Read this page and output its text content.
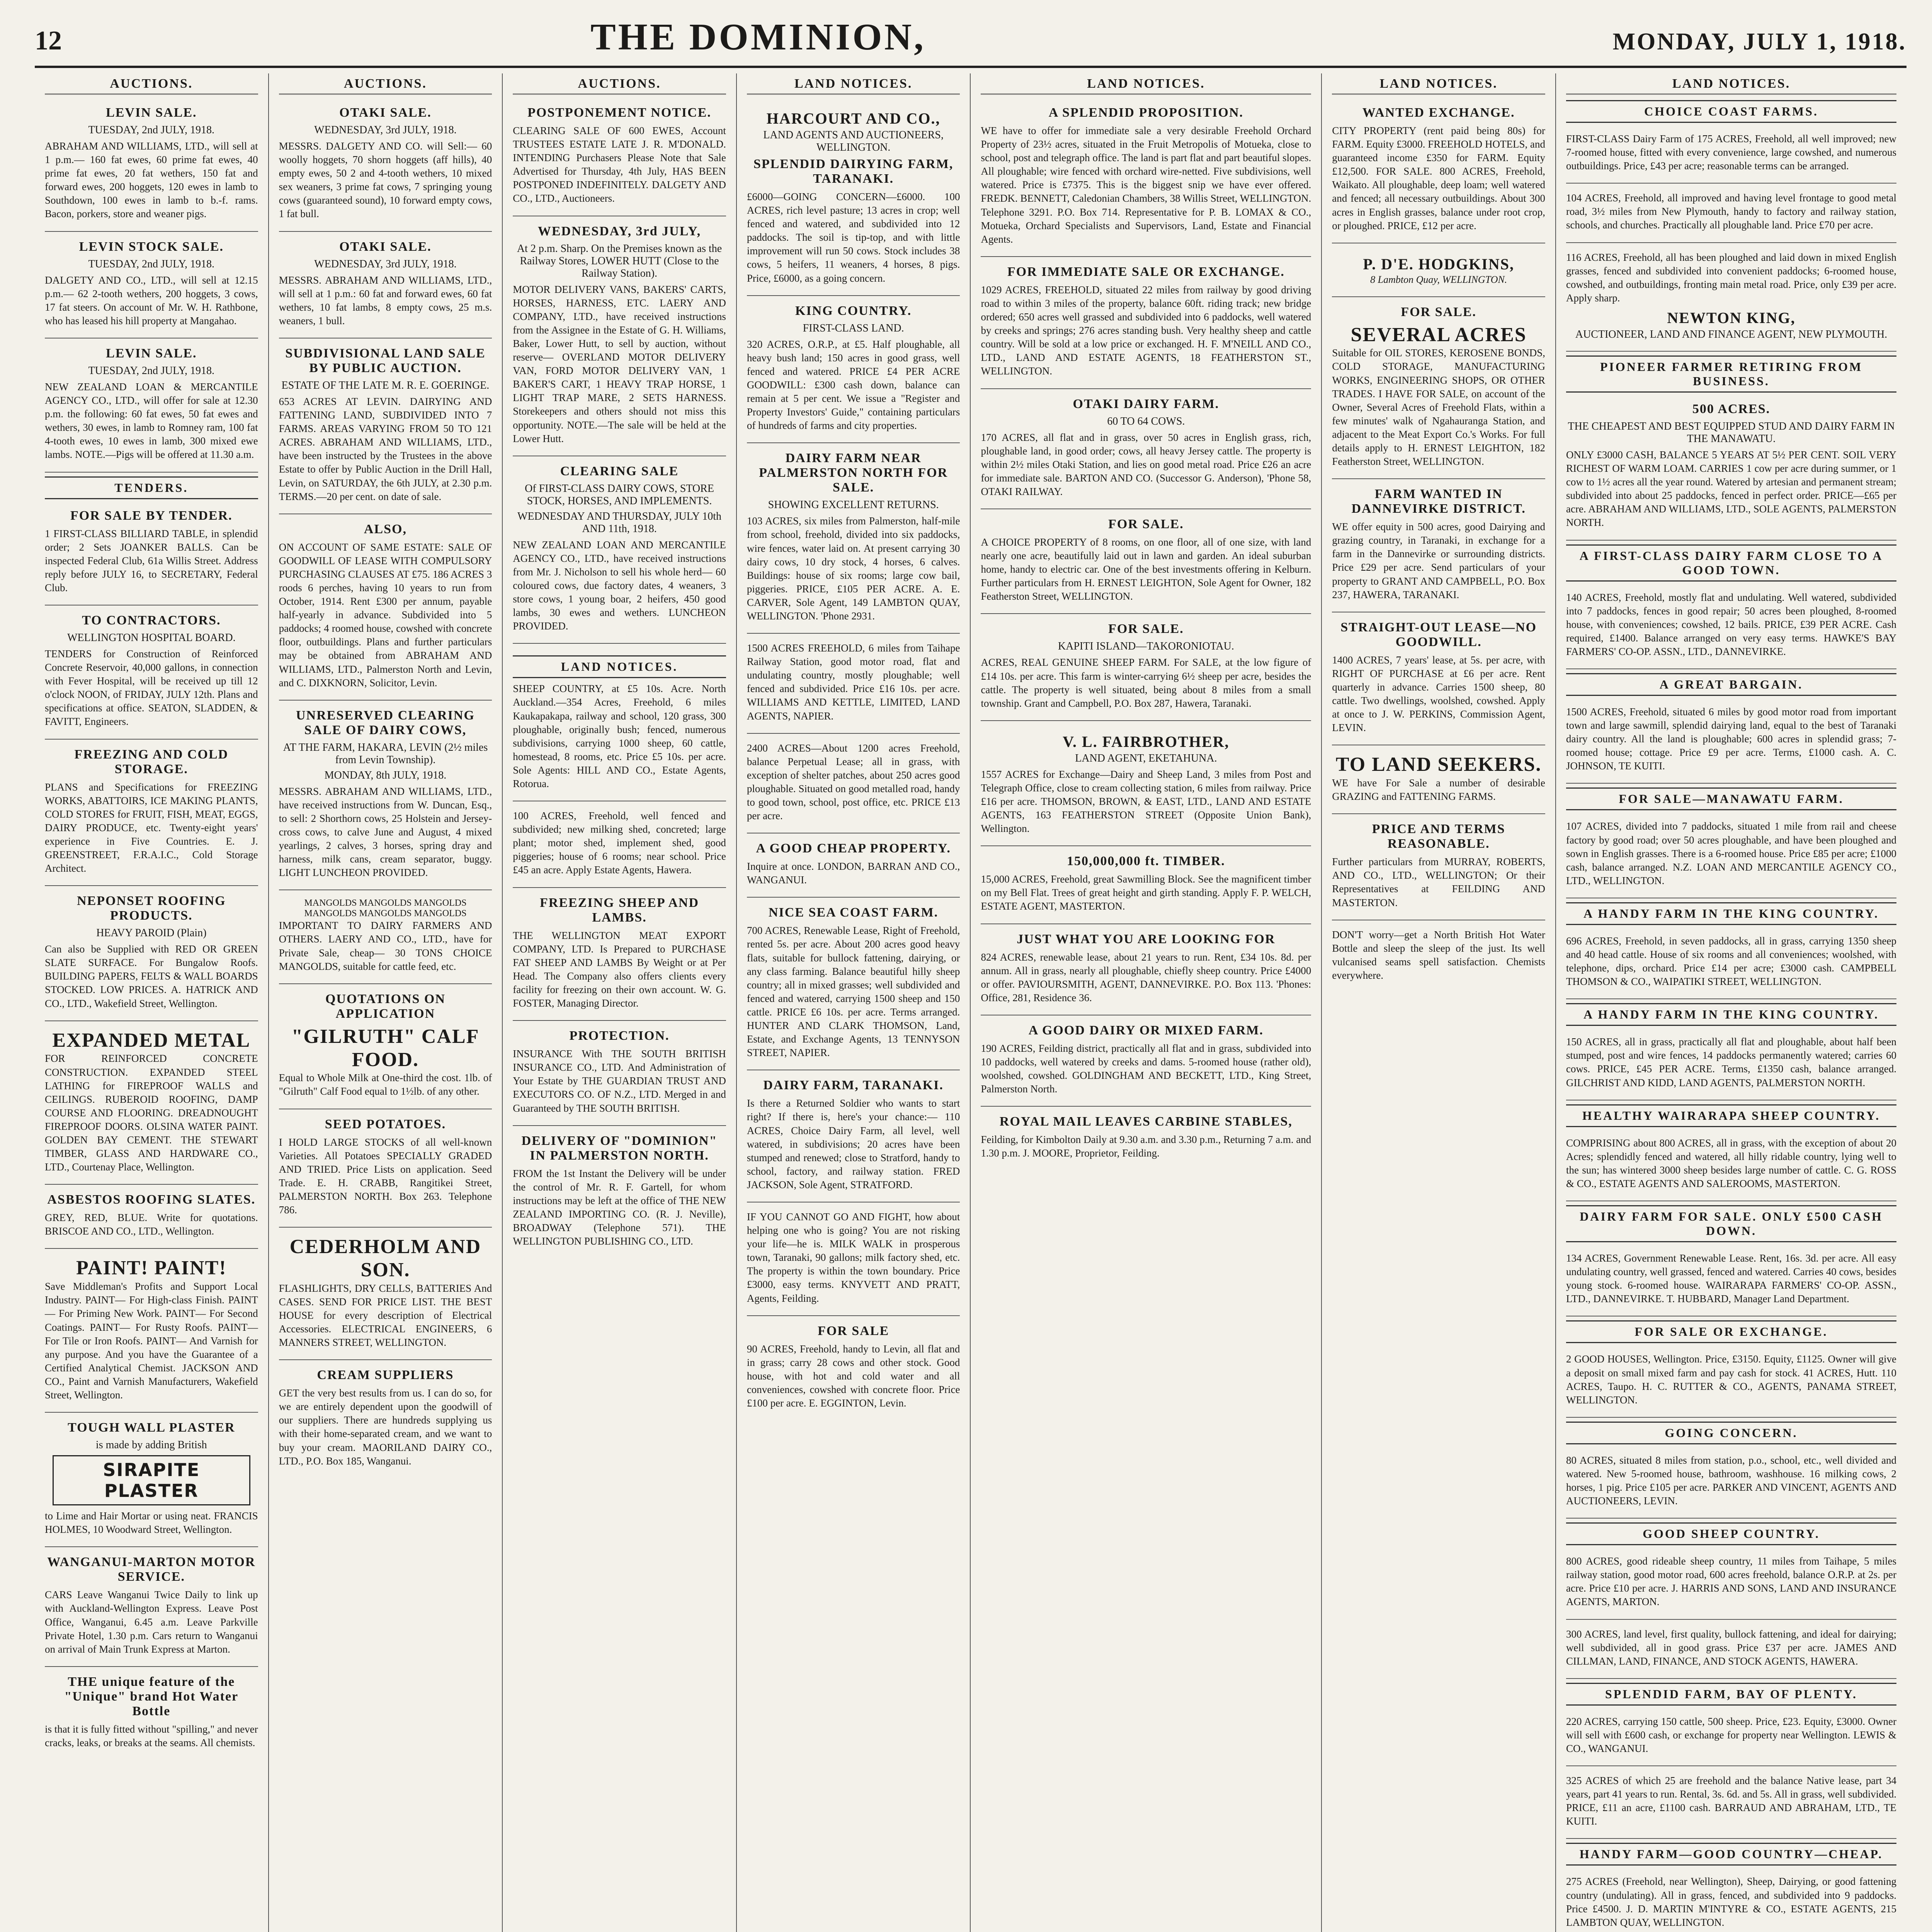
12	THE DOMINION,	MONDAY, JULY 1, 1918.
AUCTIONS.
LEVIN SALE.
TUESDAY, 2nd JULY, 1918.

ABRAHAM AND WILLIAMS, LTD., will sell at 1 p.m.— 160 fat ewes, 60 prime fat ewes, 40 prime fat ewes, 20 fat wethers, 150 fat and forward ewes, 200 hoggets, 120 ewes in lamb to Southdown, 100 ewes in lamb to b.-f. rams. Bacon, porkers, store and weaner pigs.

LEVIN STOCK SALE.
TUESDAY, 2nd JULY, 1918.

DALGETY AND CO., LTD., will sell at 12.15 p.m.— 62 2-tooth wethers, 200 hoggets, 3 cows, 17 fat steers. On account of Mr. W. H. Rathbone, who has leased his hill property at Mangahao.

LEVIN SALE.
TUESDAY, 2nd JULY, 1918.

NEW ZEALAND LOAN & MERCANTILE AGENCY CO., LTD., will offer for sale at 12.30 p.m. the following: 60 fat ewes, 50 fat ewes and wethers, 30 ewes, in lamb to Romney ram, 100 fat 4-tooth ewes, 10 ewes in lamb, 300 mixed ewe lambs. NOTE.—Pigs will be offered at 11.30 a.m.

TENDERS.
FOR SALE BY TENDER.

1 FIRST-CLASS BILLIARD TABLE, in splendid order; 2 Sets JOANKER BALLS. Can be inspected Federal Club, 61a Willis Street. Address reply before JULY 16, to SECRETARY, Federal Club.

TO CONTRACTORS.
WELLINGTON HOSPITAL BOARD.

TENDERS for Construction of Reinforced Concrete Reservoir, 40,000 gallons, in connection with Fever Hospital, will be received up till 12 o'clock NOON, of FRIDAY, JULY 12th. Plans and specifications at office. SEATON, SLADDEN, & FAVITT, Engineers.

FREEZING AND COLD STORAGE.

PLANS and Specifications for FREEZING WORKS, ABATTOIRS, ICE MAKING PLANTS, COLD STORES for FRUIT, FISH, MEAT, EGGS, DAIRY PRODUCE, etc. Twenty-eight years' experience in Five Countries. E. J. GREENSTREET, F.R.A.I.C., Cold Storage Architect.

NEPONSET ROOFING PRODUCTS.
HEAVY PAROID (Plain)

Can also be Supplied with RED OR GREEN SLATE SURFACE. For Bungalow Roofs. BUILDING PAPERS, FELTS & WALL BOARDS STOCKED. LOW PRICES. A. HATRICK AND CO., LTD., Wakefield Street, Wellington.

EXPANDED METAL

FOR REINFORCED CONCRETE CONSTRUCTION. EXPANDED STEEL LATHING for FIREPROOF WALLS and CEILINGS. RUBEROID ROOFING, DAMP COURSE AND FLOORING. DREADNOUGHT FIREPROOF DOORS. OLSINA WATER PAINT. GOLDEN BAY CEMENT. THE STEWART TIMBER, GLASS AND HARDWARE CO., LTD., Courtenay Place, Wellington.

ASBESTOS ROOFING SLATES.

GREY, RED, BLUE. Write for quotations. BRISCOE AND CO., LTD., Wellington.

PAINT! PAINT!

Save Middleman's Profits and Support Local Industry. PAINT— For High-class Finish. PAINT— For Priming New Work. PAINT— For Second Coatings. PAINT— For Rusty Roofs. PAINT— For Tile or Iron Roofs. PAINT— And Varnish for any purpose. And you have the Guarantee of a Certified Analytical Chemist. JACKSON AND CO., Paint and Varnish Manufacturers, Wakefield Street, Wellington.

TOUGH WALL PLASTER
is made by adding British
SIRAPITE PLASTER

to Lime and Hair Mortar or using neat. FRANCIS HOLMES, 10 Woodward Street, Wellington.

WANGANUI-MARTON MOTOR SERVICE.

CARS Leave Wanganui Twice Daily to link up with Auckland-Wellington Express. Leave Post Office, Wanganui, 6.45 a.m. Leave Parkville Private Hotel, 1.30 p.m. Cars return to Wanganui on arrival of Main Trunk Express at Marton.

THE unique feature of the "Unique" brand Hot Water Bottle

is that it is fully fitted without "spilling," and never cracks, leaks, or breaks at the seams. All chemists.

AUCTIONS.
OTAKI SALE.
WEDNESDAY, 3rd JULY, 1918.

MESSRS. DALGETY AND CO. will Sell:— 60 woolly hoggets, 70 shorn hoggets (aff hills), 40 empty ewes, 50 2 and 4-tooth wethers, 10 mixed sex weaners, 3 prime fat cows, 7 springing young cows (guaranteed sound), 10 forward empty cows, 1 fat bull.

OTAKI SALE.
WEDNESDAY, 3rd JULY, 1918.

MESSRS. ABRAHAM AND WILLIAMS, LTD., will sell at 1 p.m.: 60 fat and forward ewes, 60 fat wethers, 10 fat lambs, 8 empty cows, 25 m.s. weaners, 1 bull.

SUBDIVISIONAL LAND SALE BY PUBLIC AUCTION.
ESTATE OF THE LATE M. R. E. GOERINGE.

653 ACRES AT LEVIN. DAIRYING AND FATTENING LAND, SUBDIVIDED INTO 7 FARMS. AREAS VARYING FROM 50 TO 121 ACRES. ABRAHAM AND WILLIAMS, LTD., have been instructed by the Trustees in the above Estate to offer by Public Auction in the Drill Hall, Levin, on SATURDAY, the 6th JULY, at 2.30 p.m. TERMS.—20 per cent. on date of sale.

ALSO,

ON ACCOUNT OF SAME ESTATE: SALE OF GOODWILL OF LEASE WITH COMPULSORY PURCHASING CLAUSES AT £75. 186 ACRES 3 roods 6 perches, having 10 years to run from October, 1914. Rent £300 per annum, payable half-yearly in advance. Subdivided into 5 paddocks; 4 roomed house, cowshed with concrete floor, outbuildings. Plans and further particulars may be obtained from ABRAHAM AND WILLIAMS, LTD., Palmerston North and Levin, and C. DIXKNORN, Solicitor, Levin.

UNRESERVED CLEARING SALE OF DAIRY COWS,
AT THE FARM, HAKARA, LEVIN (2½ miles from Levin Township).
MONDAY, 8th JULY, 1918.

MESSRS. ABRAHAM AND WILLIAMS, LTD., have received instructions from W. Duncan, Esq., to sell: 2 Shorthorn cows, 25 Holstein and Jersey-cross cows, to calve June and August, 4 mixed yearlings, 2 calves, 3 horses, spring dray and harness, milk cans, cream separator, buggy. LIGHT LUNCHEON PROVIDED.

MANGOLDS MANGOLDS MANGOLDS
MANGOLDS MANGOLDS MANGOLDS

IMPORTANT TO DAIRY FARMERS AND OTHERS. LAERY AND CO., LTD., have for Private Sale, cheap— 30 TONS CHOICE MANGOLDS, suitable for cattle feed, etc.

QUOTATIONS ON APPLICATION
"GILRUTH" CALF FOOD.

Equal to Whole Milk at One-third the cost. 1lb. of "Gilruth" Calf Food equal to 1½lb. of any other.

SEED POTATOES.

I HOLD LARGE STOCKS of all well-known Varieties. All Potatoes SPECIALLY GRADED AND TRIED. Price Lists on application. Seed Trade. E. H. CRABB, Rangitikei Street, PALMERSTON NORTH. Box 263. Telephone 786.

CEDERHOLM AND SON.

FLASHLIGHTS, DRY CELLS, BATTERIES And CASES. SEND FOR PRICE LIST. THE BEST HOUSE for every description of Electrical Accessories. ELECTRICAL ENGINEERS, 6 MANNERS STREET, WELLINGTON.

CREAM SUPPLIERS

GET the very best results from us. I can do so, for we are entirely dependent upon the goodwill of our suppliers. There are hundreds supplying us with their home-separated cream, and we want to buy your cream. MAORILAND DAIRY CO., LTD., P.O. Box 185, Wanganui.

AUCTIONS.
POSTPONEMENT NOTICE.

CLEARING SALE OF 600 EWES, Account TRUSTEES ESTATE LATE J. R. M'DONALD. INTENDING Purchasers Please Note that Sale Advertised for Thursday, 4th July, HAS BEEN POSTPONED INDEFINITELY. DALGETY AND CO., LTD., Auctioneers.

WEDNESDAY, 3rd JULY,
At 2 p.m. Sharp. On the Premises known as the Railway Stores, LOWER HUTT (Close to the Railway Station).

MOTOR DELIVERY VANS, BAKERS' CARTS, HORSES, HARNESS, ETC. LAERY AND COMPANY, LTD., have received instructions from the Assignee in the Estate of G. H. Williams, Baker, Lower Hutt, to sell by auction, without reserve— OVERLAND MOTOR DELIVERY VAN, FORD MOTOR DELIVERY VAN, 1 BAKER'S CART, 1 HEAVY TRAP HORSE, 1 LIGHT TRAP MARE, 2 SETS HARNESS. Storekeepers and others should not miss this opportunity. NOTE.—The sale will be held at the Lower Hutt.

CLEARING SALE
Of FIRST-CLASS DAIRY COWS, STORE STOCK, HORSES, AND IMPLEMENTS.
WEDNESDAY AND THURSDAY, JULY 10th AND 11th, 1918.

NEW ZEALAND LOAN AND MERCANTILE AGENCY CO., LTD., have received instructions from Mr. J. Nicholson to sell his whole herd— 60 coloured cows, due factory dates, 4 weaners, 3 store cows, 1 young boar, 2 heifers, 450 good lambs, 30 ewes and wethers. LUNCHEON PROVIDED.

LAND NOTICES.

SHEEP COUNTRY, at £5 10s. Acre. North Auckland.—354 Acres, Freehold, 6 miles Kaukapakapa, railway and school, 120 grass, 300 ploughable, originally bush; fenced, numerous subdivisions, carrying 1000 sheep, 60 cattle, homestead, 8 rooms, etc. Price £5 10s. per acre. Sole Agents: HILL AND CO., Estate Agents, Rotorua.

100 ACRES, Freehold, well fenced and subdivided; new milking shed, concreted; large plant; motor shed, implement shed, good piggeries; house of 6 rooms; near school. Price £45 an acre. Apply Estate Agents, Hawera.

FREEZING SHEEP AND LAMBS.

THE WELLINGTON MEAT EXPORT COMPANY, LTD. Is Prepared to PURCHASE FAT SHEEP AND LAMBS By Weight or at Per Head. The Company also offers clients every facility for freezing on their own account. W. G. FOSTER, Managing Director.

PROTECTION.

INSURANCE With THE SOUTH BRITISH INSURANCE CO., LTD. And Administration of Your Estate by THE GUARDIAN TRUST AND EXECUTORS CO. OF N.Z., LTD. Merged in and Guaranteed by THE SOUTH BRITISH.

DELIVERY OF "DOMINION" IN PALMERSTON NORTH.

FROM the 1st Instant the Delivery will be under the control of Mr. R. F. Gartell, for whom instructions may be left at the office of THE NEW ZEALAND IMPORTING CO. (R. J. Neville), BROADWAY (Telephone 571). THE WELLINGTON PUBLISHING CO., LTD.

LAND NOTICES.
HARCOURT AND CO.,
LAND AGENTS AND AUCTIONEERS, WELLINGTON.
SPLENDID DAIRYING FARM, TARANAKI.

£6000—GOING CONCERN—£6000. 100 ACRES, rich level pasture; 13 acres in crop; well fenced and watered, and subdivided into 12 paddocks. The soil is tip-top, and with little improvement will run 50 cows. Stock includes 38 cows, 5 heifers, 11 weaners, 4 horses, 8 pigs. Price, £6000, as a going concern.

KING COUNTRY.
FIRST-CLASS LAND.

320 ACRES, O.R.P., at £5. Half ploughable, all heavy bush land; 150 acres in good grass, well fenced and watered. PRICE £4 PER ACRE GOODWILL: £300 cash down, balance can remain at 5 per cent. We issue a "Register and Property Investors' Guide," containing particulars of hundreds of farms and city properties.

DAIRY FARM NEAR PALMERSTON NORTH FOR SALE.
SHOWING EXCELLENT RETURNS.

103 ACRES, six miles from Palmerston, half-mile from school, freehold, divided into six paddocks, wire fences, water laid on. At present carrying 30 dairy cows, 10 dry stock, 4 horses, 6 calves. Buildings: house of six rooms; large cow bail, piggeries. PRICE, £105 PER ACRE. A. E. CARVER, Sole Agent, 149 LAMBTON QUAY, WELLINGTON. 'Phone 2931.

1500 ACRES FREEHOLD, 6 miles from Taihape Railway Station, good motor road, flat and undulating country, mostly ploughable; well fenced and subdivided. Price £16 10s. per acre. WILLIAMS AND KETTLE, LIMITED, LAND AGENTS, NAPIER.

2400 ACRES—About 1200 acres Freehold, balance Perpetual Lease; all in grass, with exception of shelter patches, about 250 acres good ploughable. Situated on good metalled road, handy to good town, school, post office, etc. PRICE £13 per acre.

A GOOD CHEAP PROPERTY.

Inquire at once. LONDON, BARRAN AND CO., WANGANUI.

NICE SEA COAST FARM.

700 ACRES, Renewable Lease, Right of Freehold, rented 5s. per acre. About 200 acres good heavy flats, suitable for bullock fattening, dairying, or any class farming. Balance beautiful hilly sheep country; all in mixed grasses; well subdivided and fenced and watered, carrying 1500 sheep and 150 cattle. PRICE £6 10s. per acre. Terms arranged. HUNTER AND CLARK THOMSON, Land, Estate, and Exchange Agents, 13 TENNYSON STREET, NAPIER.

DAIRY FARM, TARANAKI.

Is there a Returned Soldier who wants to start right? If there is, here's your chance:— 110 ACRES, Choice Dairy Farm, all level, well watered, in subdivisions; 20 acres have been stumped and renewed; close to Stratford, handy to school, factory, and railway station. FRED JACKSON, Sole Agent, STRATFORD.

IF YOU CANNOT GO AND FIGHT, how about helping one who is going? You are not risking your life—he is. MILK WALK in prosperous town, Taranaki, 90 gallons; milk factory shed, etc. The property is within the town boundary. Price £3000, easy terms. KNYVETT AND PRATT, Agents, Feilding.

FOR SALE

90 ACRES, Freehold, handy to Levin, all flat and in grass; carry 28 cows and other stock. Good house, with hot and cold water and all conveniences, cowshed with concrete floor. Price £100 per acre. E. EGGINTON, Levin.

LAND NOTICES.
A SPLENDID PROPOSITION.

WE have to offer for immediate sale a very desirable Freehold Orchard Property of 23½ acres, situated in the Fruit Metropolis of Motueka, close to school, post and telegraph office. The land is part flat and part beautiful slopes. All ploughable; wire fenced with orchard wire-netted. Five subdivisions, well watered. Price is £7375. This is the biggest snip we have ever offered. FREDK. BENNETT, Caledonian Chambers, 38 Willis Street, WELLINGTON. Telephone 3291. P.O. Box 714. Representative for P. B. LOMAX & CO., Motueka, Orchard Specialists and Supervisors, Land, Estate and Financial Agents.

FOR IMMEDIATE SALE OR EXCHANGE.

1029 ACRES, FREEHOLD, situated 22 miles from railway by good driving road to within 3 miles of the property, balance 60ft. riding track; new bridge ordered; 650 acres well grassed and subdivided into 6 paddocks, well watered by creeks and springs; 276 acres standing bush. Very healthy sheep and cattle country. Will be sold at a low price or exchanged. H. F. M'NEILL AND CO., LTD., LAND AND ESTATE AGENTS, 18 FEATHERSTON ST., WELLINGTON.

OTAKI DAIRY FARM.
60 TO 64 COWS.

170 ACRES, all flat and in grass, over 50 acres in English grass, rich, ploughable land, in good order; cows, all heavy Jersey cattle. The property is within 2½ miles Otaki Station, and lies on good metal road. Price £26 an acre for immediate sale. BARTON AND CO. (Successor G. Anderson), 'Phone 58, OTAKI RAILWAY.

FOR SALE.

A CHOICE PROPERTY of 8 rooms, on one floor, all of one size, with land nearly one acre, beautifully laid out in lawn and garden. An ideal suburban home, handy to electric car. One of the best investments offering in Kelburn. Further particulars from H. ERNEST LEIGHTON, Sole Agent for Owner, 182 Featherston Street, WELLINGTON.

FOR SALE.
KAPITI ISLAND—TAKORONIOTAU.

ACRES, REAL GENUINE SHEEP FARM. For SALE, at the low figure of £14 10s. per acre. This farm is winter-carrying 6½ sheep per acre, besides the cattle. The property is well situated, being about 8 miles from a small township. Grant and Campbell, P.O. Box 287, Hawera, Taranaki.

V. L. FAIRBROTHER,
LAND AGENT, EKETAHUNA.

1557 ACRES for Exchange—Dairy and Sheep Land, 3 miles from Post and Telegraph Office, close to cream collecting station, 6 miles from railway. Price £16 per acre. THOMSON, BROWN, & EAST, LTD., LAND AND ESTATE AGENTS, 163 FEATHERSTON STREET (Opposite Union Bank), Wellington.

150,000,000 ft. TIMBER.

15,000 ACRES, Freehold, great Sawmilling Block. See the magnificent timber on my Bell Flat. Trees of great height and girth standing. Apply F. P. WELCH, ESTATE AGENT, MASTERTON.

JUST WHAT YOU ARE LOOKING FOR

824 ACRES, renewable lease, about 21 years to run. Rent, £34 10s. 8d. per annum. All in grass, nearly all ploughable, chiefly sheep country. Price £4000 or offer. PAVIOURSMITH, AGENT, DANNEVIRKE. P.O. Box 113. 'Phones: Office, 281, Residence 36.

A GOOD DAIRY OR MIXED FARM.

190 ACRES, Feilding district, practically all flat and in grass, subdivided into 10 paddocks, well watered by creeks and dams. 5-roomed house (rather old), woolshed, cowshed. GOLDINGHAM AND BECKETT, LTD., King Street, Palmerston North.

ROYAL MAIL LEAVES CARBINE STABLES,

Feilding, for Kimbolton Daily at 9.30 a.m. and 3.30 p.m., Returning 7 a.m. and 1.30 p.m. J. MOORE, Proprietor, Feilding.

LAND NOTICES.
WANTED EXCHANGE.

CITY PROPERTY (rent paid being 80s) for FARM. Equity £3000. FREEHOLD HOTELS, and guaranteed income £350 for FARM. Equity £12,500. FOR SALE. 800 ACRES, Freehold, Waikato. All ploughable, deep loam; well watered and fenced; all necessary outbuildings. About 300 acres in English grasses, balance under root crop, or ploughed. PRICE, £12 per acre.

P. D'E. HODGKINS,

8 Lambton Quay, WELLINGTON.

FOR SALE.
SEVERAL ACRES

Suitable for OIL STORES, KEROSENE BONDS, COLD STORAGE, MANUFACTURING WORKS, ENGINEERING SHOPS, OR OTHER TRADES. I HAVE FOR SALE, on account of the Owner, Several Acres of Freehold Flats, within a few minutes' walk of Ngahauranga Station, and adjacent to the Meat Export Co.'s Works. For full details apply to H. ERNEST LEIGHTON, 182 Featherston Street, WELLINGTON.

FARM WANTED IN DANNEVIRKE DISTRICT.

WE offer equity in 500 acres, good Dairying and grazing country, in Taranaki, in exchange for a farm in the Dannevirke or surrounding districts. Price £29 per acre. Send particulars of your property to GRANT AND CAMPBELL, P.O. Box 237, HAWERA, TARANAKI.

STRAIGHT-OUT LEASE—NO GOODWILL.

1400 ACRES, 7 years' lease, at 5s. per acre, with RIGHT OF PURCHASE at £6 per acre. Rent quarterly in advance. Carries 1500 sheep, 80 cattle. Two dwellings, woolshed, cowshed. Apply at once to J. W. PERKINS, Commission Agent, LEVIN.

TO LAND SEEKERS.

WE have For Sale a number of desirable GRAZING and FATTENING FARMS.

PRICE AND TERMS REASONABLE.

Further particulars from MURRAY, ROBERTS, AND CO., LTD., WELLINGTON; Or their Representatives at FEILDING AND MASTERTON.

DON'T worry—get a North British Hot Water Bottle and sleep the sleep of the just. Its well vulcanised seams spell satisfaction. Chemists everywhere.

LAND NOTICES.
CHOICE COAST FARMS.

FIRST-CLASS Dairy Farm of 175 ACRES, Freehold, all well improved; new 7-roomed house, fitted with every convenience, large cowshed, and numerous outbuildings. Price, £43 per acre; reasonable terms can be arranged.

104 ACRES, Freehold, all improved and having level frontage to good metal road, 3½ miles from New Plymouth, handy to factory and railway station, schools, and churches. Practically all ploughable land. Price £70 per acre.

116 ACRES, Freehold, all has been ploughed and laid down in mixed English grasses, fenced and subdivided into convenient paddocks; 6-roomed house, cowshed, and outbuildings, fronting main metal road. Price, only £39 per acre. Apply sharp.

NEWTON KING,
AUCTIONEER, LAND AND FINANCE AGENT, NEW PLYMOUTH.
PIONEER FARMER RETIRING FROM BUSINESS.
500 ACRES.
THE CHEAPEST AND BEST EQUIPPED STUD AND DAIRY FARM IN THE MANAWATU.

ONLY £3000 CASH, BALANCE 5 YEARS AT 5½ PER CENT. SOIL VERY RICHEST OF WARM LOAM. CARRIES 1 cow per acre during summer, or 1 cow to 1½ acres all the year round. Watered by artesian and permanent stream; subdivided into about 25 paddocks, fenced in perfect order. PRICE—£65 per acre. ABRAHAM AND WILLIAMS, LTD., SOLE AGENTS, PALMERSTON NORTH.

A FIRST-CLASS DAIRY FARM CLOSE TO A GOOD TOWN.

140 ACRES, Freehold, mostly flat and undulating. Well watered, subdivided into 7 paddocks, fences in good repair; 50 acres been ploughed, 8-roomed house, with conveniences; cowshed, 12 bails. PRICE, £39 PER ACRE. Cash required, £1400. Balance arranged on very easy terms. HAWKE'S BAY FARMERS' CO-OP. ASSN., LTD., DANNEVIRKE.

A GREAT BARGAIN.

1500 ACRES, Freehold, situated 6 miles by good motor road from important town and large sawmill, splendid dairying land, equal to the best of Taranaki dairy country. All the land is ploughable; 600 acres in splendid grass; 7-roomed house; cottage. Price £9 per acre. Terms, £1000 cash. A. C. JOHNSON, TE KUITI.

FOR SALE—MANAWATU FARM.

107 ACRES, divided into 7 paddocks, situated 1 mile from rail and cheese factory by good road; over 50 acres ploughable, and have been ploughed and sown in English grasses. There is a 6-roomed house. Price £85 per acre; £1000 cash, balance arranged. N.Z. LOAN AND MERCANTILE AGENCY CO., LTD., WELLINGTON.

A HANDY FARM IN THE KING COUNTRY.

696 ACRES, Freehold, in seven paddocks, all in grass, carrying 1350 sheep and 40 head cattle. House of six rooms and all conveniences; woolshed, with telephone, dips, orchard. Price £14 per acre; £3000 cash. CAMPBELL THOMSON & CO., WAIPATIKI STREET, WELLINGTON.

A HANDY FARM IN THE KING COUNTRY.

150 ACRES, all in grass, practically all flat and ploughable, about half been stumped, post and wire fences, 14 paddocks permanently watered; carries 60 cows. PRICE, £45 PER ACRE. Terms, £1350 cash, balance arranged. GILCHRIST AND KIDD, LAND AGENTS, PALMERSTON NORTH.

HEALTHY WAIRARAPA SHEEP COUNTRY.

COMPRISING about 800 ACRES, all in grass, with the exception of about 20 Acres; splendidly fenced and watered, all hilly ridable country, lying well to the sun; has wintered 3000 sheep besides large number of cattle. C. G. ROSS & CO., ESTATE AGENTS AND SALEROOMS, MASTERTON.

DAIRY FARM FOR SALE. ONLY £500 CASH DOWN.

134 ACRES, Government Renewable Lease. Rent, 16s. 3d. per acre. All easy undulating country, well grassed, fenced and watered. Carries 40 cows, besides young stock. 6-roomed house. WAIRARAPA FARMERS' CO-OP. ASSN., LTD., DANNEVIRKE. T. HUBBARD, Manager Land Department.

FOR SALE OR EXCHANGE.

2 GOOD HOUSES, Wellington. Price, £3150. Equity, £1125. Owner will give a deposit on small mixed farm and pay cash for stock. 41 ACRES, Hutt. 110 ACRES, Taupo. H. C. RUTTER & CO., AGENTS, PANAMA STREET, WELLINGTON.

GOING CONCERN.

80 ACRES, situated 8 miles from station, p.o., school, etc., well divided and watered. New 5-roomed house, bathroom, washhouse. 16 milking cows, 2 horses, 1 pig. Price £105 per acre. PARKER AND VINCENT, AGENTS AND AUCTIONEERS, LEVIN.

GOOD SHEEP COUNTRY.

800 ACRES, good rideable sheep country, 11 miles from Taihape, 5 miles railway station, good motor road, 600 acres freehold, balance O.R.P. at 2s. per acre. Price £10 per acre. J. HARRIS AND SONS, LAND AND INSURANCE AGENTS, MARTON.

300 ACRES, land level, first quality, bullock fattening, and ideal for dairying; well subdivided, all in good grass. Price £37 per acre. JAMES AND CILLMAN, LAND, FINANCE, AND STOCK AGENTS, HAWERA.

SPLENDID FARM, BAY OF PLENTY.

220 ACRES, carrying 150 cattle, 500 sheep. Price, £23. Equity, £3000. Owner will sell with £600 cash, or exchange for property near Wellington. LEWIS & CO., WANGANUI.

325 ACRES of which 25 are freehold and the balance Native lease, part 34 years, part 41 years to run. Rental, 3s. 6d. and 5s. All in grass, well subdivided. PRICE, £11 an acre, £1100 cash. BARRAUD AND ABRAHAM, LTD., TE KUITI.

HANDY FARM—GOOD COUNTRY—CHEAP.

275 ACRES (Freehold, near Wellington), Sheep, Dairying, or good fattening country (undulating). All in grass, fenced, and subdivided into 9 paddocks. Price £4500. J. D. MARTIN M'INTYRE & CO., ESTATE AGENTS, 215 LAMBTON QUAY, WELLINGTON.
